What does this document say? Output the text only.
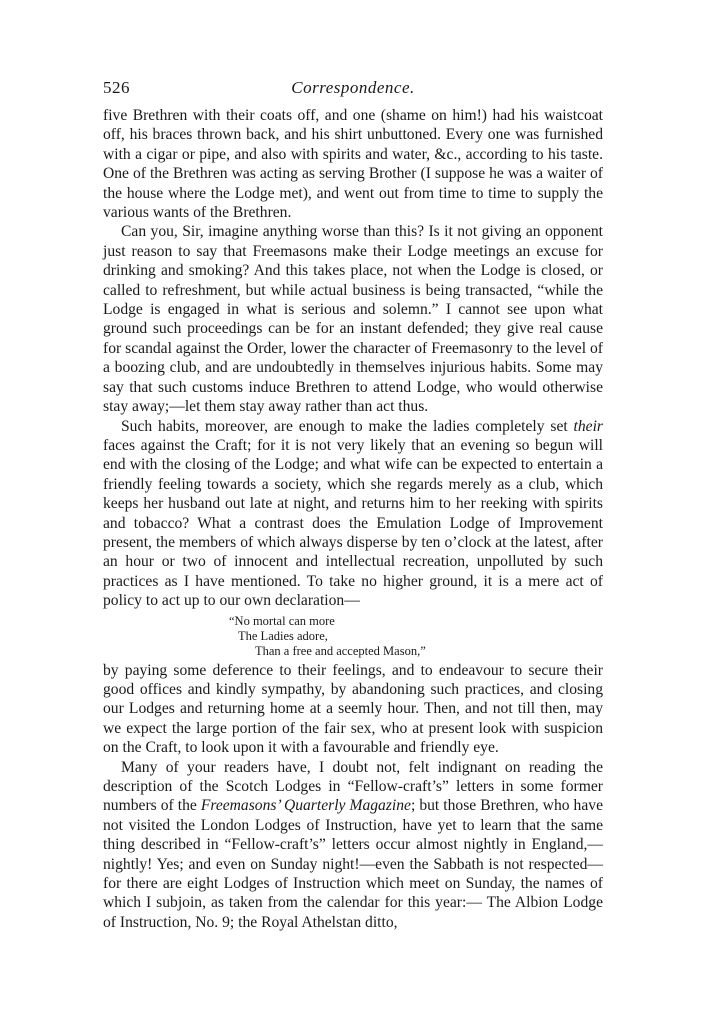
526	Correspondence.

five Brethren with their coats off, and one (shame on him!) had his waistcoat off, his braces thrown back, and his shirt unbuttoned. Every one was furnished with a cigar or pipe, and also with spirits and water, &c., according to his taste. One of the Brethren was acting as serving Brother (I suppose he was a waiter of the house where the Lodge met), and went out from time to time to supply the various wants of the Brethren.

Can you, Sir, imagine anything worse than this? Is it not giving an opponent just reason to say that Freemasons make their Lodge meetings an excuse for drinking and smoking? And this takes place, not when the Lodge is closed, or called to refreshment, but while actual business is being transacted, “while the Lodge is engaged in what is serious and solemn.” I cannot see upon what ground such proceedings can be for an instant defended; they give real cause for scandal against the Order, lower the character of Freemasonry to the level of a boozing club, and are undoubtedly in themselves injurious habits. Some may say that such customs induce Brethren to attend Lodge, who would otherwise stay away;—let them stay away rather than act thus.

Such habits, moreover, are enough to make the ladies completely set their faces against the Craft; for it is not very likely that an evening so begun will end with the closing of the Lodge; and what wife can be expected to entertain a friendly feeling towards a society, which she regards merely as a club, which keeps her husband out late at night, and returns him to her reeking with spirits and tobacco? What a contrast does the Emulation Lodge of Improvement present, the members of which always disperse by ten o’clock at the latest, after an hour or two of innocent and intellectual recreation, unpolluted by such practices as I have mentioned. To take no higher ground, it is a mere act of policy to act up to our own declaration—

“No mortal can more
The Ladies adore,
Than a free and accepted Mason,”

by paying some deference to their feelings, and to endeavour to secure their good offices and kindly sympathy, by abandoning such practices, and closing our Lodges and returning home at a seemly hour. Then, and not till then, may we expect the large portion of the fair sex, who at present look with suspicion on the Craft, to look upon it with a favourable and friendly eye.

Many of your readers have, I doubt not, felt indignant on reading the description of the Scotch Lodges in “Fellow-craft’s” letters in some former numbers of the Freemasons’ Quarterly Magazine; but those Brethren, who have not visited the London Lodges of Instruction, have yet to learn that the same thing described in “Fellow-craft’s” letters occur almost nightly in England,—nightly! Yes; and even on Sunday night!—even the Sabbath is not respected—for there are eight Lodges of Instruction which meet on Sunday, the names of which I subjoin, as taken from the calendar for this year:— The Albion Lodge of Instruction, No. 9; the Royal Athelstan ditto,
